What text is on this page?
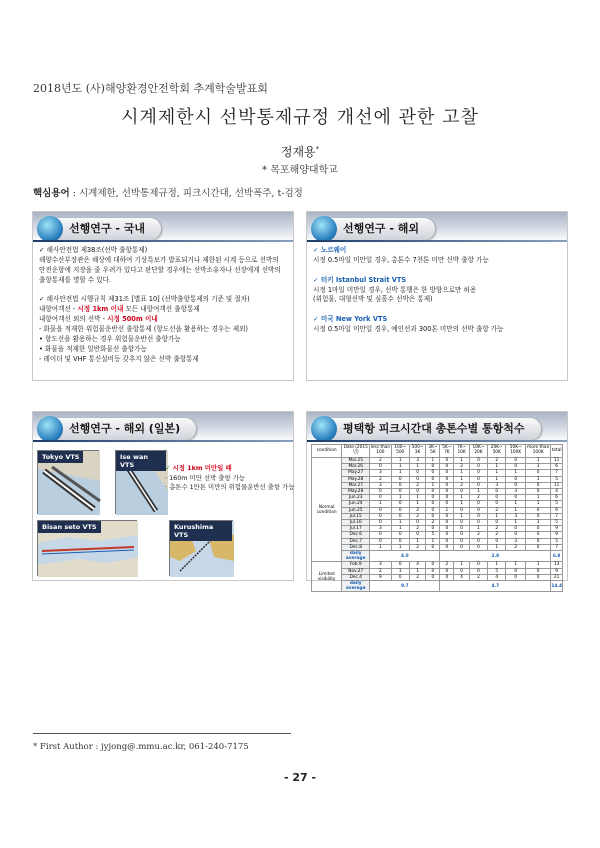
2018년도 (사)해양환경안전학회 추계학술발표회
시계제한시 선박통제규정 개선에 관한 고찰
정재용*
* 목포해양대학교
핵심용어 : 시계제한, 선박통제규정, 피크시간대, 선박폭주, t-검정
선행연구 - 국내
✓ 해사안전법 제38조(선박 출항통제)
해양수산부장관은 해상에 대하여 기상특보가 발표되거나 제한된 시계 등으로 선박의
안전운항에 지장을 줄 우려가 있다고 판단할 경우에는 선박소유자나 선장에게 선박의
출항통제를 명할 수 있다.

✓ 해사안전법 시행규칙 제31조 [별표 10] (선박출항통제의 기준 및 절차)
내항여객선 - 시정 1km 이내 모든 내항여객선 출항통제
내항여객선 외의 선박 - 시정 500m 이내
- 화물을 적재한 위험물운반선 출항통제 (항도선을 활용하는 경우는 제외)
• 항도선을 활용하는 경우 위험물운반선 출항가능
• 화물을 적재한 일반화물선 출항가능
- 레이더 및 VHF 통신설비등 갖추지 않은 선박 출항통제
선행연구 - 해외
✓ 노르웨이
시정 0.5마일 미만일 경우, 총톤수 7천톤 미만 선박 출항 가능

✓ 터키 Istanbul Strait VTS
시정 1마일 미만일 경우, 선박 통행은 한 방향으로만 허용
(위험물, 대형선박 및 심흘수 선박은 통제)

✓ 미국 New York VTS
시정 0.5마일 미만일 경우, 예인선과 300톤 미만의 선박 출항 가능

선행연구 - 해외 (일본)
Tokyo VTS	Ise wan VTS
Bisan seto VTS	Kurushima VTS
✓ 시정 1km 미만일 때
· 160m 미만 선박 출항 가능
· 총톤수 1만톤 미만의 위험물운반선 출항 가능
평택항 피크시간대 총톤수별 통항척수
condition	Date (2015년)	less than 100	100~ 500	500~ 3K	3K~ 5K	5K~ 7K	7K~ 10K	10K~ 20K	20K~ 50K	50K~ 100K	more than 100K	total
Normal condition	Mar.25	2	1	3	1	0	1	0	2	0	1	11
	Mar.26	0	1	1	0	0	2	0	1	0	1	6
	May.27	3	1	0	0	0	1	0	1	1	0	7
	May.28	2	0	0	0	0	1	0	1	0	1	5
	Mar.27	3	0	2	1	0	2	0	3	0	0	11
	May.28	0	0	0	0	0	0	1	0	3	0	4
	Jun.23	0	1	1	0	0	1	2	0	0	1	6
	Jun.24	1	0	1	0	0	1	0	0	1	1	5
	Jun.25	0	0	2	0	1	0	0	2	1	0	6
	Jul.15	0	0	2	0	0	1	0	1	3	0	7
	Jul.16	0	1	0	2	0	0	0	0	1	1	5
	Jul.17	3	1	2	0	0	0	1	2	0	0	9
	Dec.6	0	0	0	5	0	0	2	2	0	0	9
	Dec.7	0	0	1	1	0	0	0	0	3	0	5
	Dec.8	1	1	2	0	0	0	0	1	2	0	7
	daily average	4.0				2.8						6.8
Limited visibility	Feb.9	3	0	4	0	2	1	0	1	1	1	13
	Nov.27	2	1	1	0	0	0	0	5	0	0	9
	Dec.4	9	0	2	0	0	4	2	4	0	0	21
	daily average	9.7				4.7						14.4
* First Author : jyjong@.mmu.ac.kr, 061-240-7175
- 27 -
